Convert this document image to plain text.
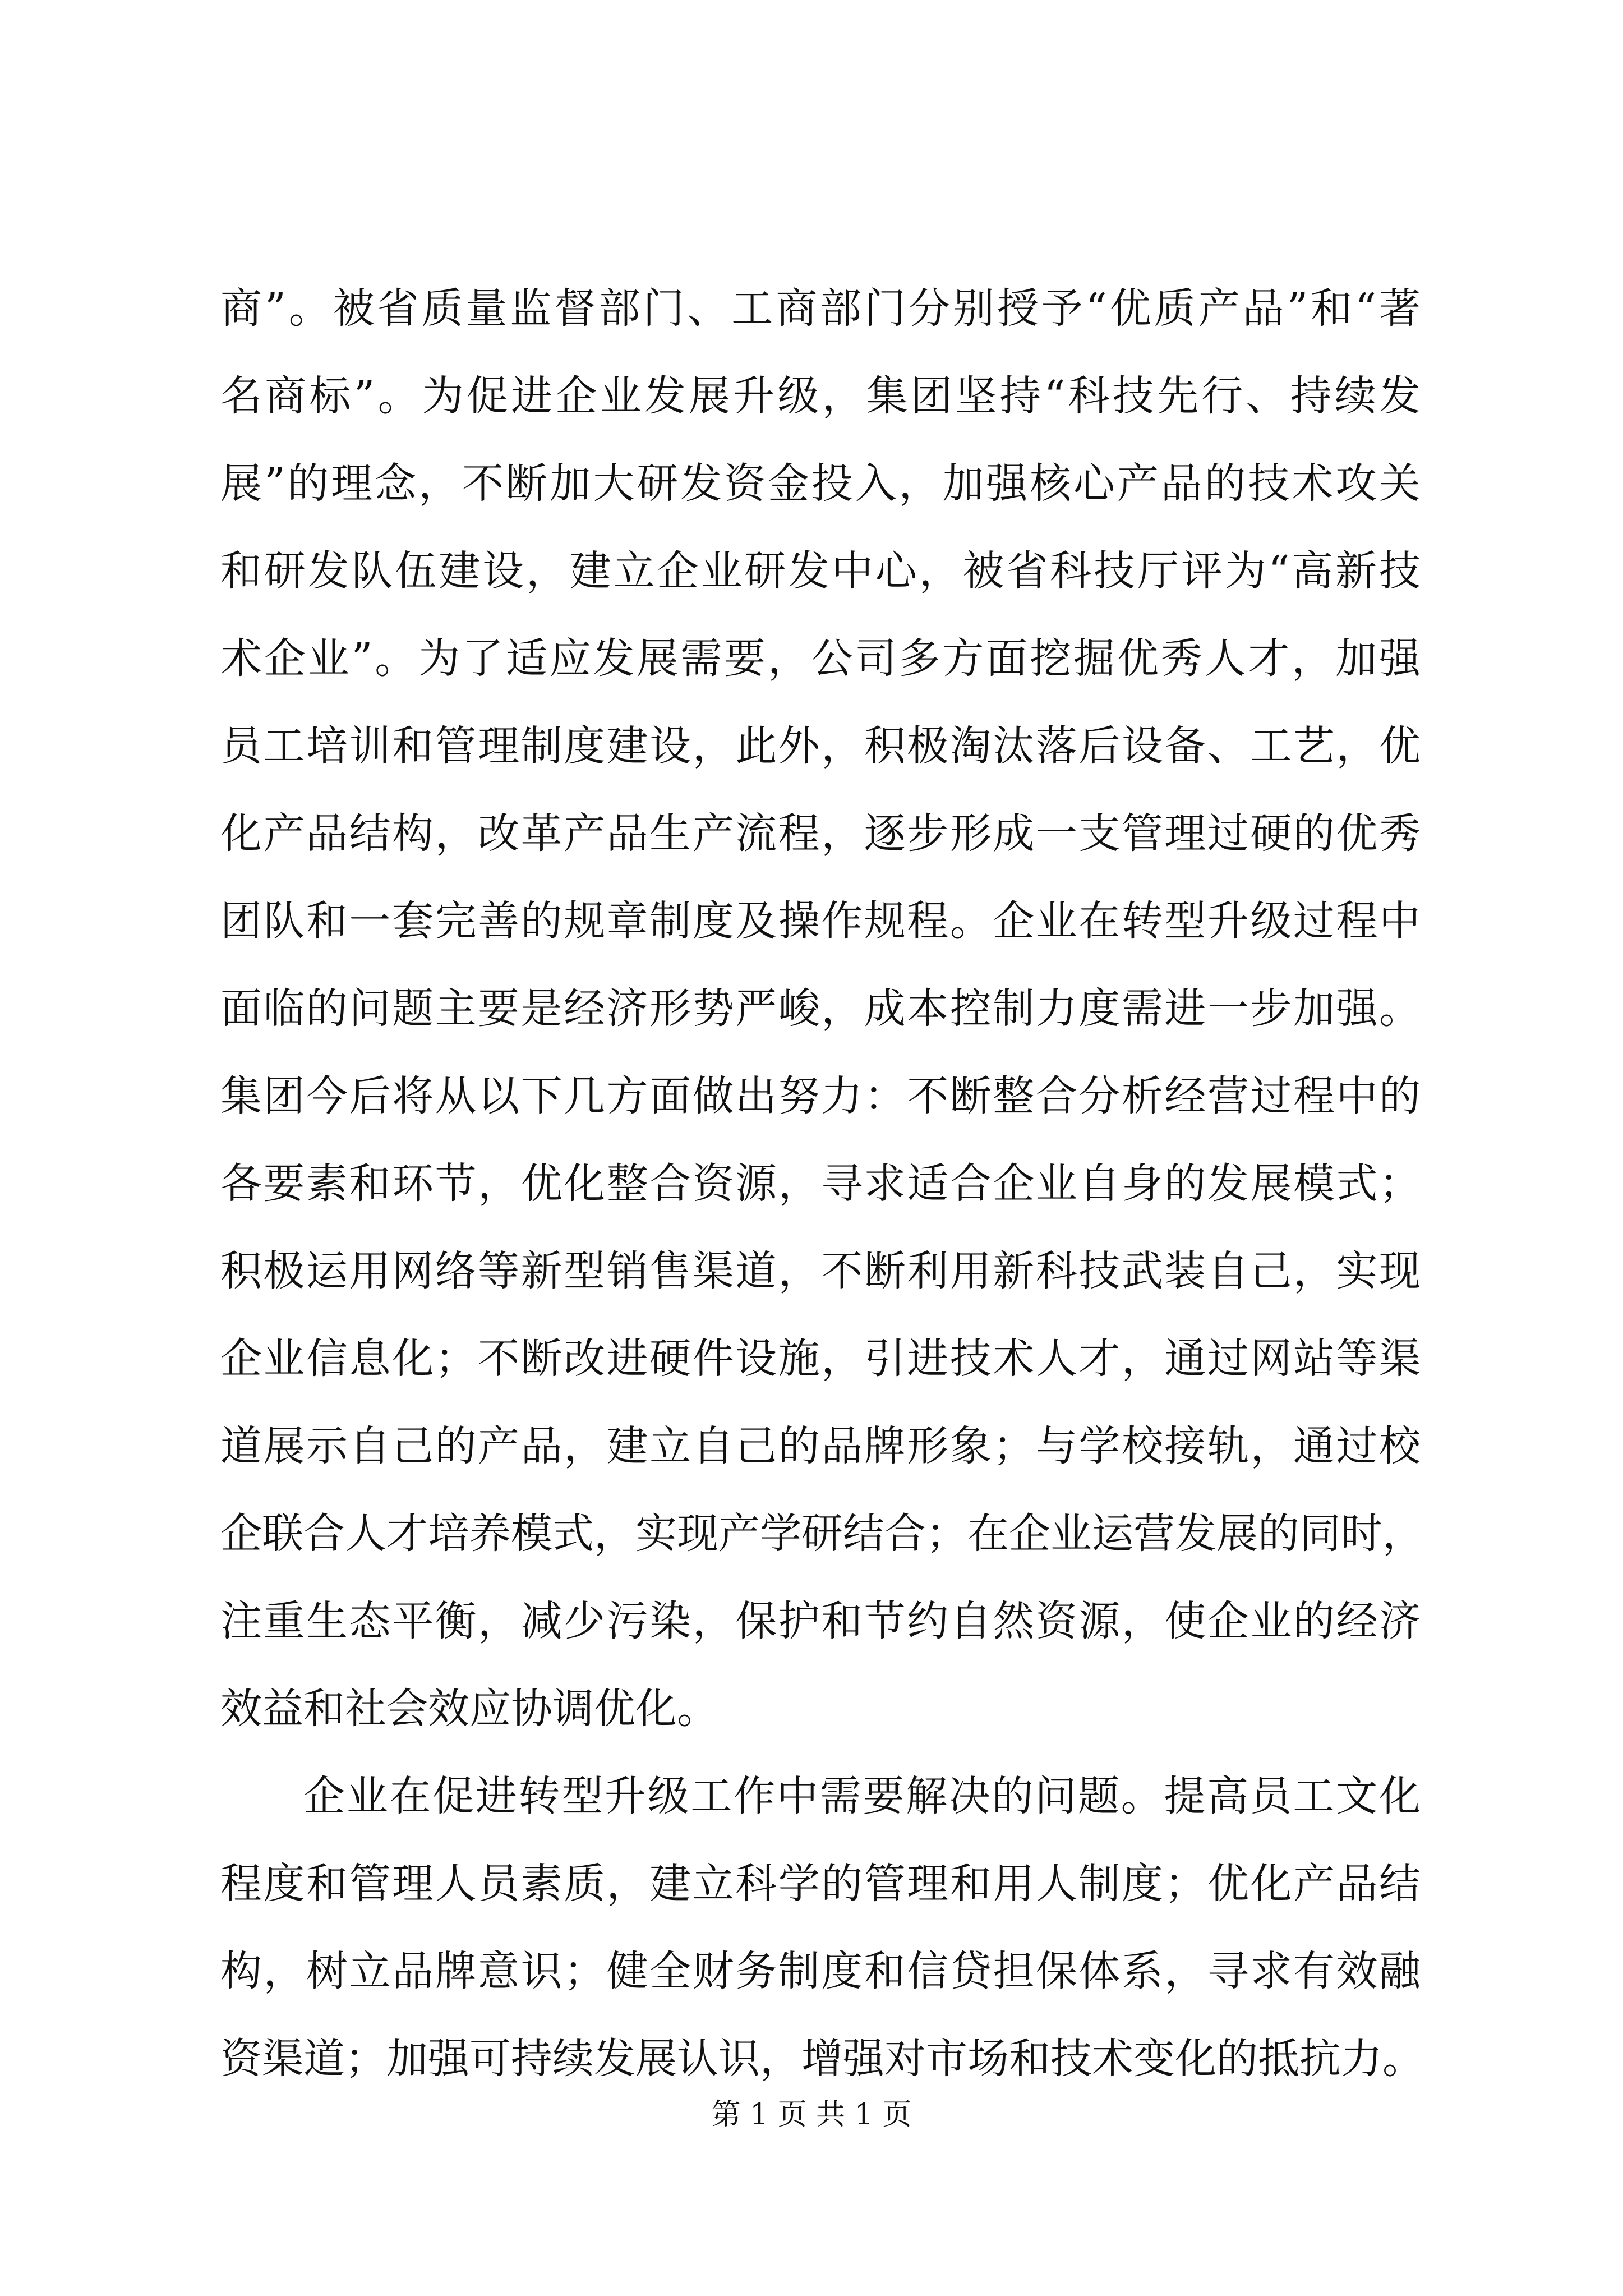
商”。被省质量监督部门、工商部门分别授予“优质产品”和“著
名商标”。为促进企业发展升级，集团坚持“科技先行、持续发
展”的理念，不断加大研发资金投入，加强核心产品的技术攻关
和研发队伍建设，建立企业研发中心，被省科技厅评为“高新技
术企业”。为了适应发展需要，公司多方面挖掘优秀人才，加强
员工培训和管理制度建设，此外，积极淘汰落后设备、工艺，优
化产品结构，改革产品生产流程，逐步形成一支管理过硬的优秀
团队和一套完善的规章制度及操作规程。企业在转型升级过程中
面临的问题主要是经济形势严峻，成本控制力度需进一步加强。
集团今后将从以下几方面做出努力：不断整合分析经营过程中的
各要素和环节，优化整合资源，寻求适合企业自身的发展模式；
积极运用网络等新型销售渠道，不断利用新科技武装自己，实现
企业信息化；不断改进硬件设施，引进技术人才，通过网站等渠
道展示自己的产品，建立自己的品牌形象；与学校接轨，通过校
企联合人才培养模式，实现产学研结合；在企业运营发展的同时，
注重生态平衡，减少污染，保护和节约自然资源，使企业的经济
效益和社会效应协调优化。
企业在促进转型升级工作中需要解决的问题。提高员工文化
程度和管理人员素质，建立科学的管理和用人制度；优化产品结
构，树立品牌意识；健全财务制度和信贷担保体系，寻求有效融
资渠道；加强可持续发展认识，增强对市场和技术变化的抵抗力。
第 1 页 共 1 页
